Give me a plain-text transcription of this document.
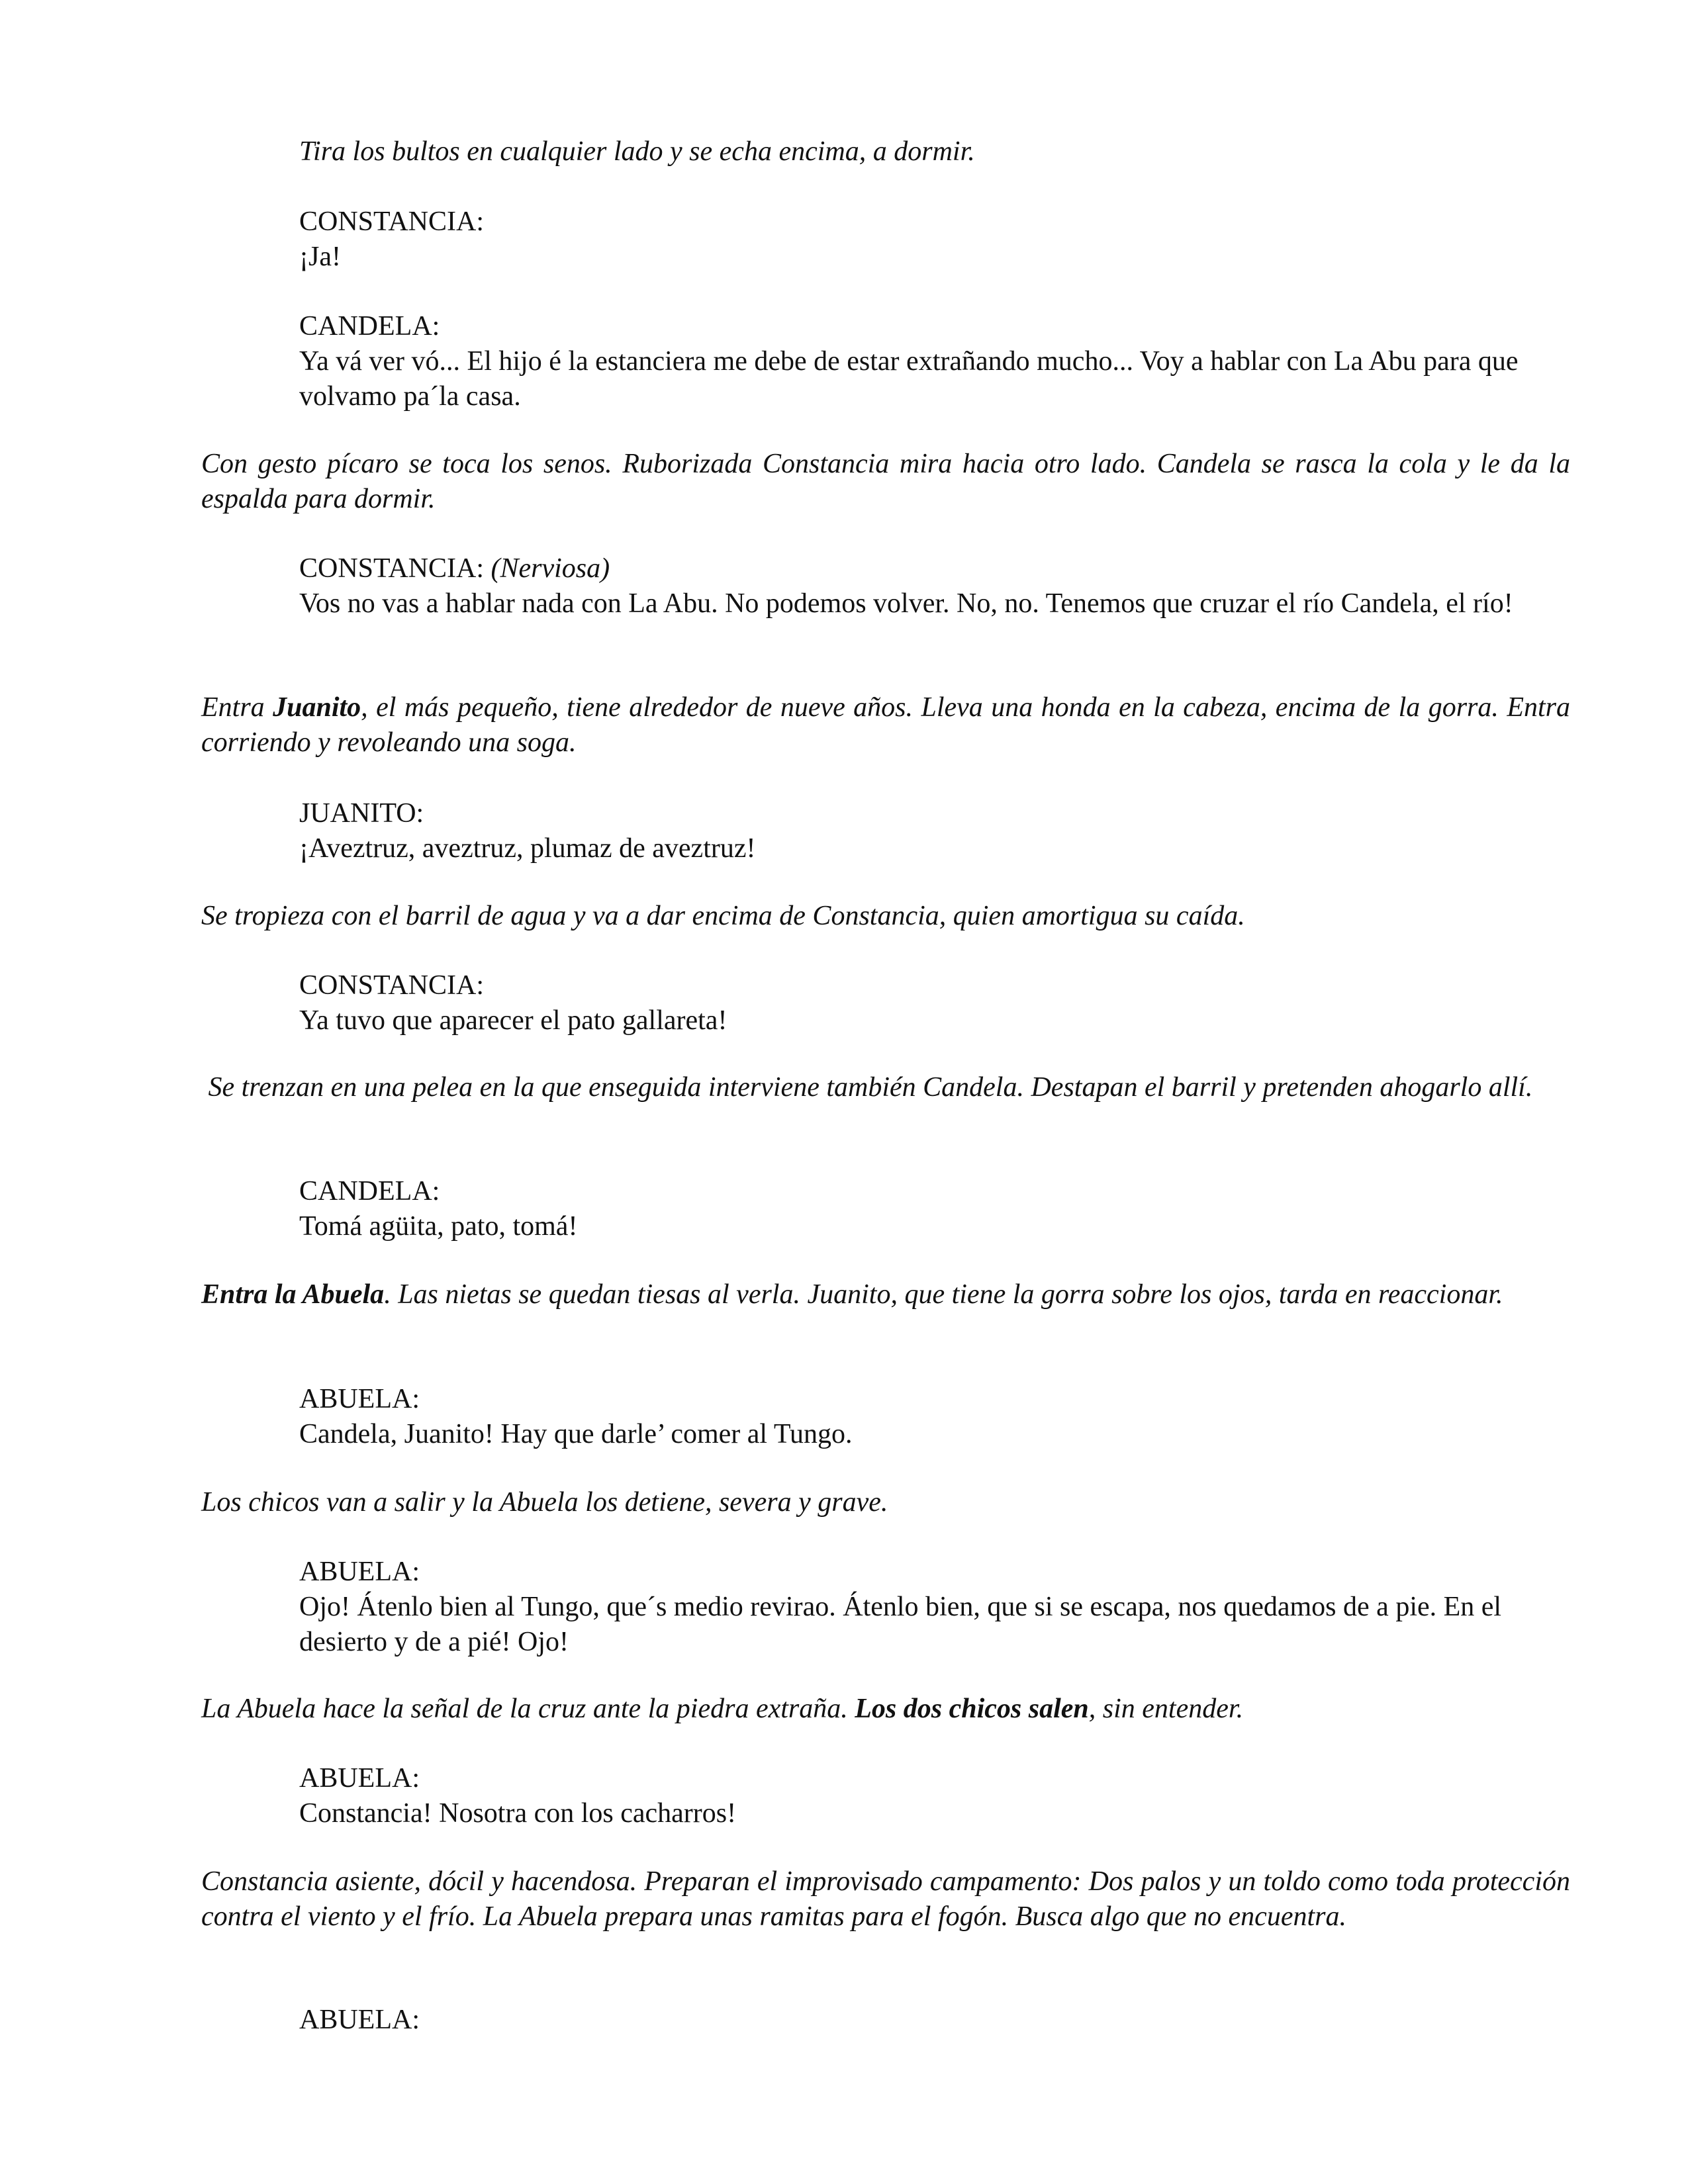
Tira los bultos en cualquier lado y se echa encima, a dormir.

CONSTANCIA:
¡Ja!
CANDELA:
Ya vá ver vó... El hijo é la estanciera me debe de estar extrañando mucho... Voy a hablar con La Abu para que volvamo pa´la casa.

Con gesto pícaro se toca los senos. Ruborizada Constancia mira hacia otro lado. Candela se rasca la cola y le da la espalda para dormir.

CONSTANCIA: (Nerviosa)
Vos no vas a hablar nada con La Abu. No podemos volver. No, no. Tenemos que cruzar el río Candela, el río!

Entra Juanito, el más pequeño, tiene alrededor de nueve años. Lleva una honda en la cabeza, encima de la gorra. Entra corriendo y revoleando una soga.

JUANITO:
¡Aveztruz, aveztruz, plumaz de aveztruz!

Se tropieza con el barril de agua y va a dar encima de Constancia, quien amortigua su caída.

CONSTANCIA:
Ya tuvo que aparecer el pato gallareta!

Se trenzan en una pelea en la que enseguida interviene también Candela. Destapan el barril y pretenden ahogarlo allí.

CANDELA:
Tomá agüita, pato, tomá!

Entra la Abuela. Las nietas se quedan tiesas al verla. Juanito, que tiene la gorra sobre los ojos, tarda en reaccionar.

ABUELA:
Candela, Juanito! Hay que darle’ comer al Tungo.

Los chicos van a salir y la Abuela los detiene, severa y grave.

ABUELA:
Ojo! Átenlo bien al Tungo, que´s medio revirao. Átenlo bien, que si se escapa, nos quedamos de a pie. En el desierto y de a pié! Ojo!

La Abuela hace la señal de la cruz ante la piedra extraña. Los dos chicos salen, sin entender.

ABUELA:
Constancia! Nosotra con los cacharros!

Constancia asiente, dócil y hacendosa. Preparan el improvisado campamento: Dos palos y un toldo como toda protección contra el viento y el frío. La Abuela prepara unas ramitas para el fogón. Busca algo que no encuentra.

ABUELA:
